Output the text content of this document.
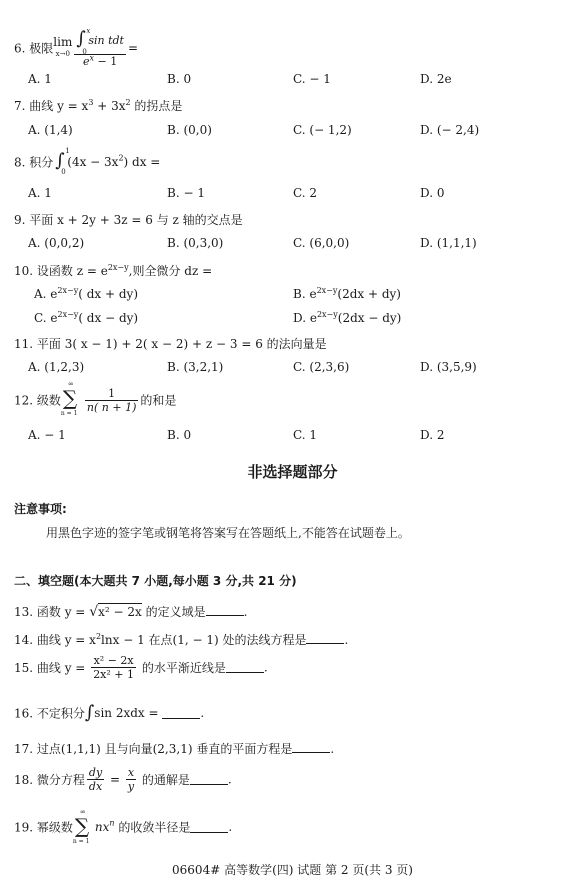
6. 极限lim
x→0 ∫ x
0
sin tdt
$e^x - 1$ =
A. 1	B. 0	C. − 1	D. 2e
7. 曲线 $y = x^3 + 3x^2$ 的拐点是
A. (1,4)	B. (0,0)	C. (− 1,2)	D. (− 2,4)
8. 积分 ∫ 1
0
$(4x - 3x^2)$ dx =
A. 1	B. − 1	C. 2	D. 0
9. 平面 x + 2y + 3z = 6 与 z 轴的交点是
A. (0,0,2)	B. (0,3,0)	C. (6,0,0)	D. (1,1,1)
10. 设函数 $z = e^{2x-y}$,则全微分 dz =
A. $e^{2x-y}$( dx + dy)	B. $e^{2x-y}(2dx + dy)$
C. $e^{2x-y}$( dx − dy)	D. $e^{2x-y}(2dx - dy)$
11. 平面 3( x − 1) + 2( x − 2) + z − 3 = 6 的法向量是
A. (1,2,3)	B. (3,2,1)	C. (2,3,6)	D. (3,5,9)
12. 级数
∞
∑
$n = 1 \frac{1}{n( n + 1)}$ 的和是
A. − 1	B. 0	C. 1	D. 2
非选择题部分
注意事项:
用黑色字迹的签字笔或钢笔将答案写在答题纸上,不能答在试题卷上。
二、填空题(本大题共 7 小题,每小题 3 分,共 21 分)
13. 函数 y = √x² − 2x 的定义域是	.
14. 曲线 $y = x^2\ln x - 1$ 在点(1, − 1) 处的法线方程是	.
15. 曲线 $y = \frac{\text{x² − 2x}}{\text{2x² + 1}}$ 的水平渐近线是	.
16. 不定积分∫sin 2xdx =	.
17. 过点(1,1,1) 且与向量(2,3,1) 垂直的平面方程是	.
18. 微分方程 $\frac{dy}{dx} = \frac{x}{y}$ 的通解是	.
19. 幂级数
∞
∑
n = 1
$nx^n$ 的收敛半径是	.
06604# 高等数学(四) 试题 第 2 页(共 3 页)
